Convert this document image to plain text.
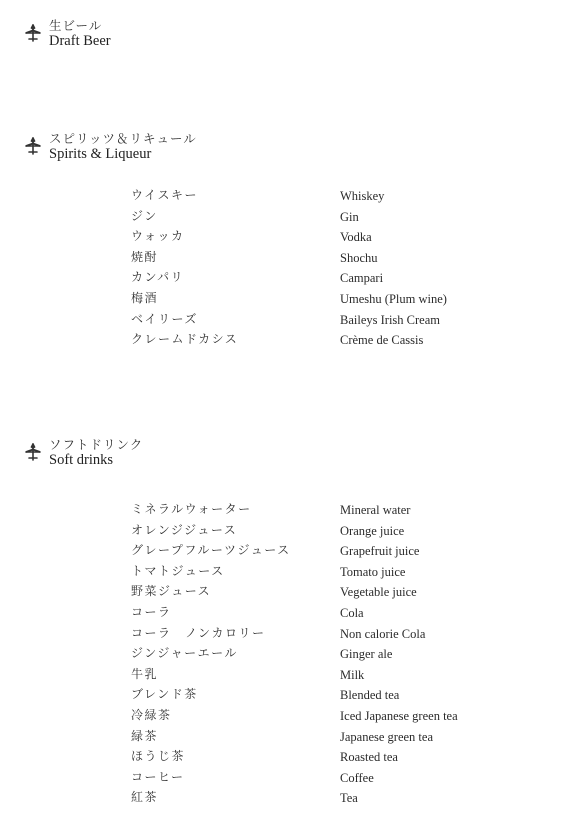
生ビール
Draft Beer
スピリッツ＆リキュール
Spirits & Liqueur
ウイスキー	Whiskey
ジン	Gin
ウォッカ	Vodka
焼酎	Shochu
カンパリ	Campari
梅酒	Umeshu (Plum wine)
ベイリーズ	Baileys Irish Cream
クレームドカシス	Crème de Cassis
ソフトドリンク
Soft drinks
ミネラルウォーター	Mineral water
オレンジジュース	Orange juice
グレープフルーツジュース	Grapefruit juice
トマトジュース	Tomato juice
野菜ジュース	Vegetable juice
コーラ	Cola
コーラ　ノンカロリー	Non calorie Cola
ジンジャーエール	Ginger ale
牛乳	Milk
ブレンド茶	Blended tea
冷緑茶	Iced Japanese green tea
緑茶	Japanese green tea
ほうじ茶	Roasted tea
コーヒー	Coffee
紅茶	Tea
